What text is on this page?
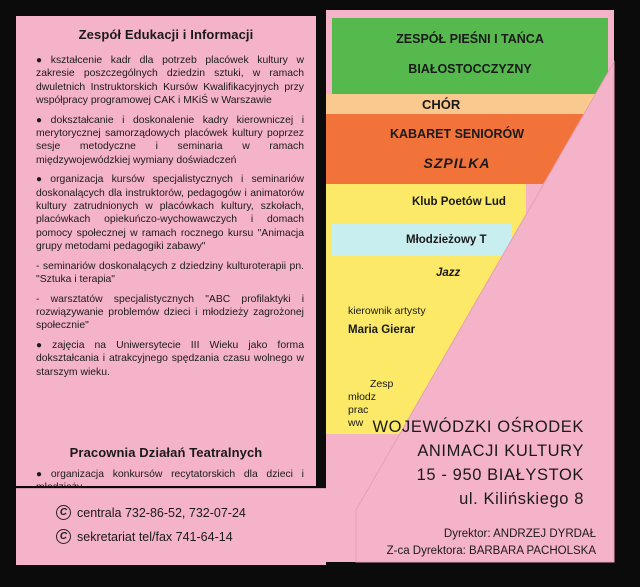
Zespół Edukacji i Informacji

● kształcenie kadr dla potrzeb placówek kultury w zakresie poszczególnych dziedzin sztuki, w ramach dwuletnich Instruktorskich Kursów Kwalifikacyjnych przy współpracy programowej CAK i MKiŚ w Warszawie

● dokształcanie i doskonalenie kadry kierowniczej i merytorycznej samorządowych placówek kultury poprzez sesje metodyczne i seminaria w ramach międzywojewódzkiej wymiany doświadczeń

● organizacja kursów specjalistycznych i seminariów doskonalących dla instruktorów, pedagogów i animatorów kultury zatrudnionych w placówkach kultury, szkołach, placówkach opiekuńczo-wychowawczych i domach pomocy społecznej w ramach rocznego kursu "Animacja grupy metodami pedagogiki zabawy"

- seminariów doskonalących z dziedziny kulturoterapii pn. "Sztuka i terapia"

- warsztatów specjalistycznych "ABC profilaktyki i rozwiązywanie problemów dzieci i młodzieży zagrożonej społecznie"

● zajęcia na Uniwersytecie III Wieku jako forma dokształcania i atrakcyjnego spędzania czasu wolnego w starszym wieku.

Pracownia Działań Teatralnych

● organizacja konkursów recytatorskich dla dzieci i

C centrala 732-86-52, 732-07-24
C sekretariat tel/fax 741-64-14
ZESPÓŁ PIEŚNI I TAŃCA
BIAŁOSTOCCZYZNY
CHÓR
KABARET SENIORÓW
SZPILKA
Klub Poetów Lud
Młodzieżowy T
Jazz
kierownik artysty
Maria Gierar
Zesp
młodz
prac
ww WOJEWÓDZKI OŚRODEK
ANIMACJI KULTURY
15 - 950 BIAŁYSTOK
ul. Kilińskiego 8
Dyrektor: ANDRZEJ DYRDAŁ
Z-ca Dyrektora: BARBARA PACHOLSKA
